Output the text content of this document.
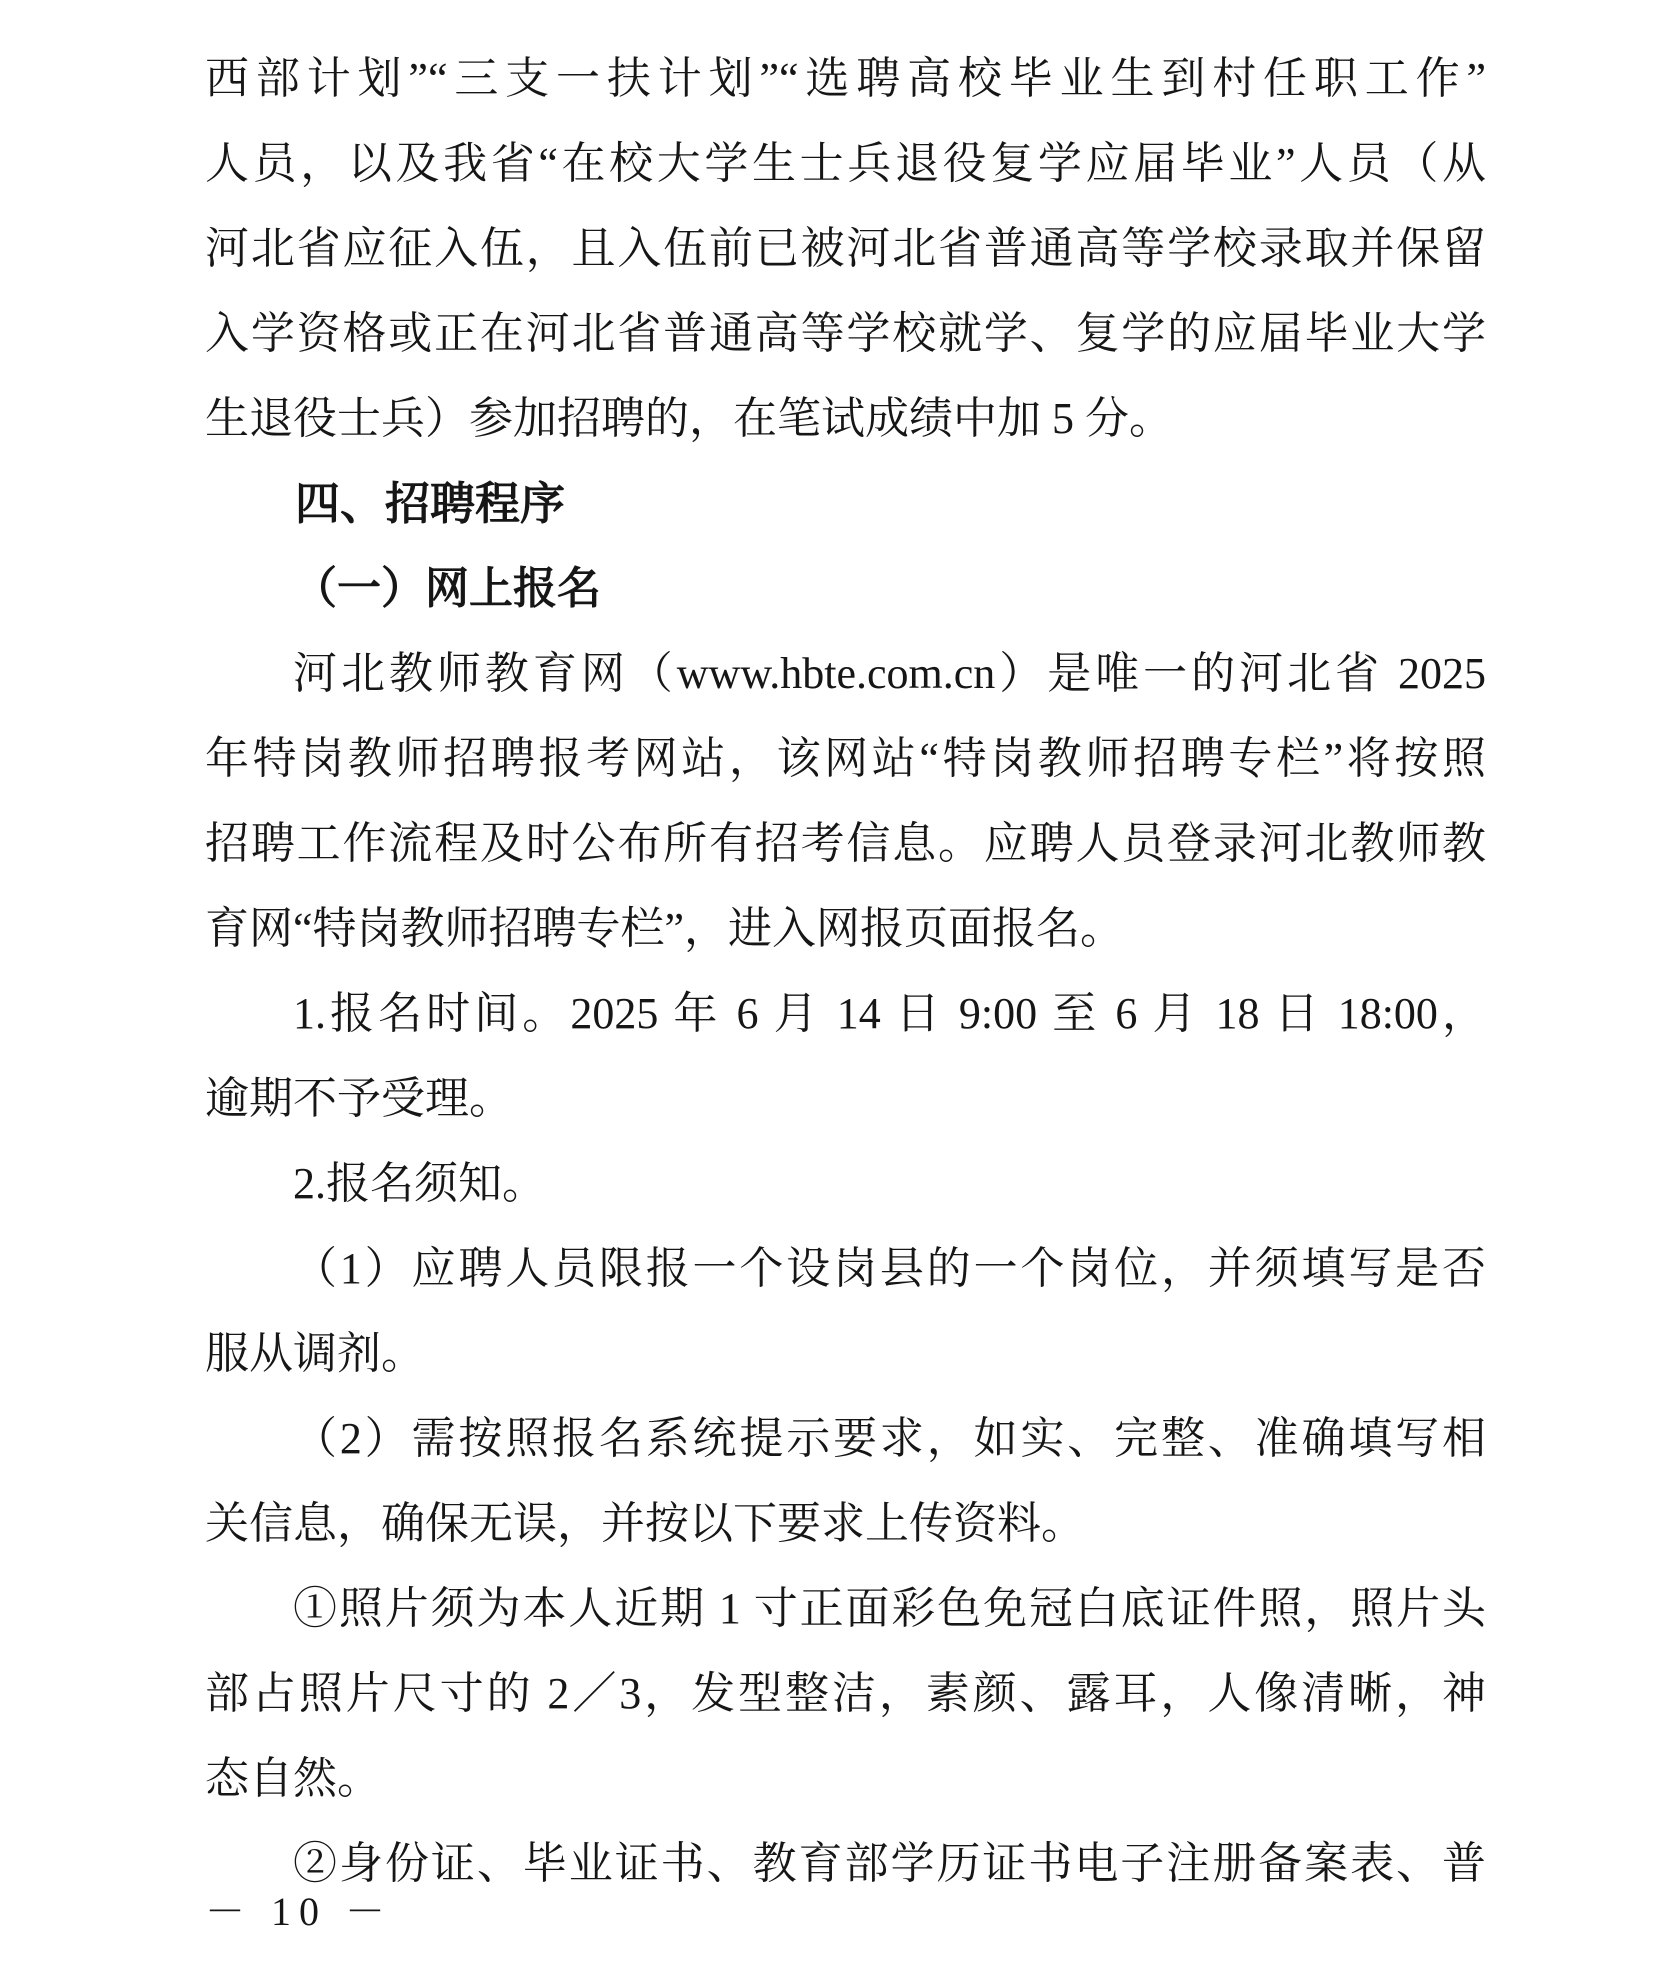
西部计划”“三支一扶计划”“选聘高校毕业生到村任职工作”
人员，以及我省“在校大学生士兵退役复学应届毕业”人员（从
河北省应征入伍，且入伍前已被河北省普通高等学校录取并保留
入学资格或正在河北省普通高等学校就学、复学的应届毕业大学
生退役士兵）参加招聘的，在笔试成绩中加 5 分。
四、招聘程序
（一）网上报名
河北教师教育网（www.hbte.com.cn）是唯一的河北省 2025
年特岗教师招聘报考网站，该网站“特岗教师招聘专栏”将按照
招聘工作流程及时公布所有招考信息。应聘人员登录河北教师教
育网“特岗教师招聘专栏”，进入网报页面报名。
1.报名时间。2025 年 6 月 14 日 9:00 至 6 月 18 日 18:00，
逾期不予受理。
2.报名须知。
（1）应聘人员限报一个设岗县的一个岗位，并须填写是否
服从调剂。
（2）需按照报名系统提示要求，如实、完整、准确填写相
关信息，确保无误，并按以下要求上传资料。
①照片须为本人近期 1 寸正面彩色免冠白底证件照，照片头
部占照片尺寸的 2／3，发型整洁，素颜、露耳，人像清晰，神
态自然。
②身份证、毕业证书、教育部学历证书电子注册备案表、普
－ 10 －
